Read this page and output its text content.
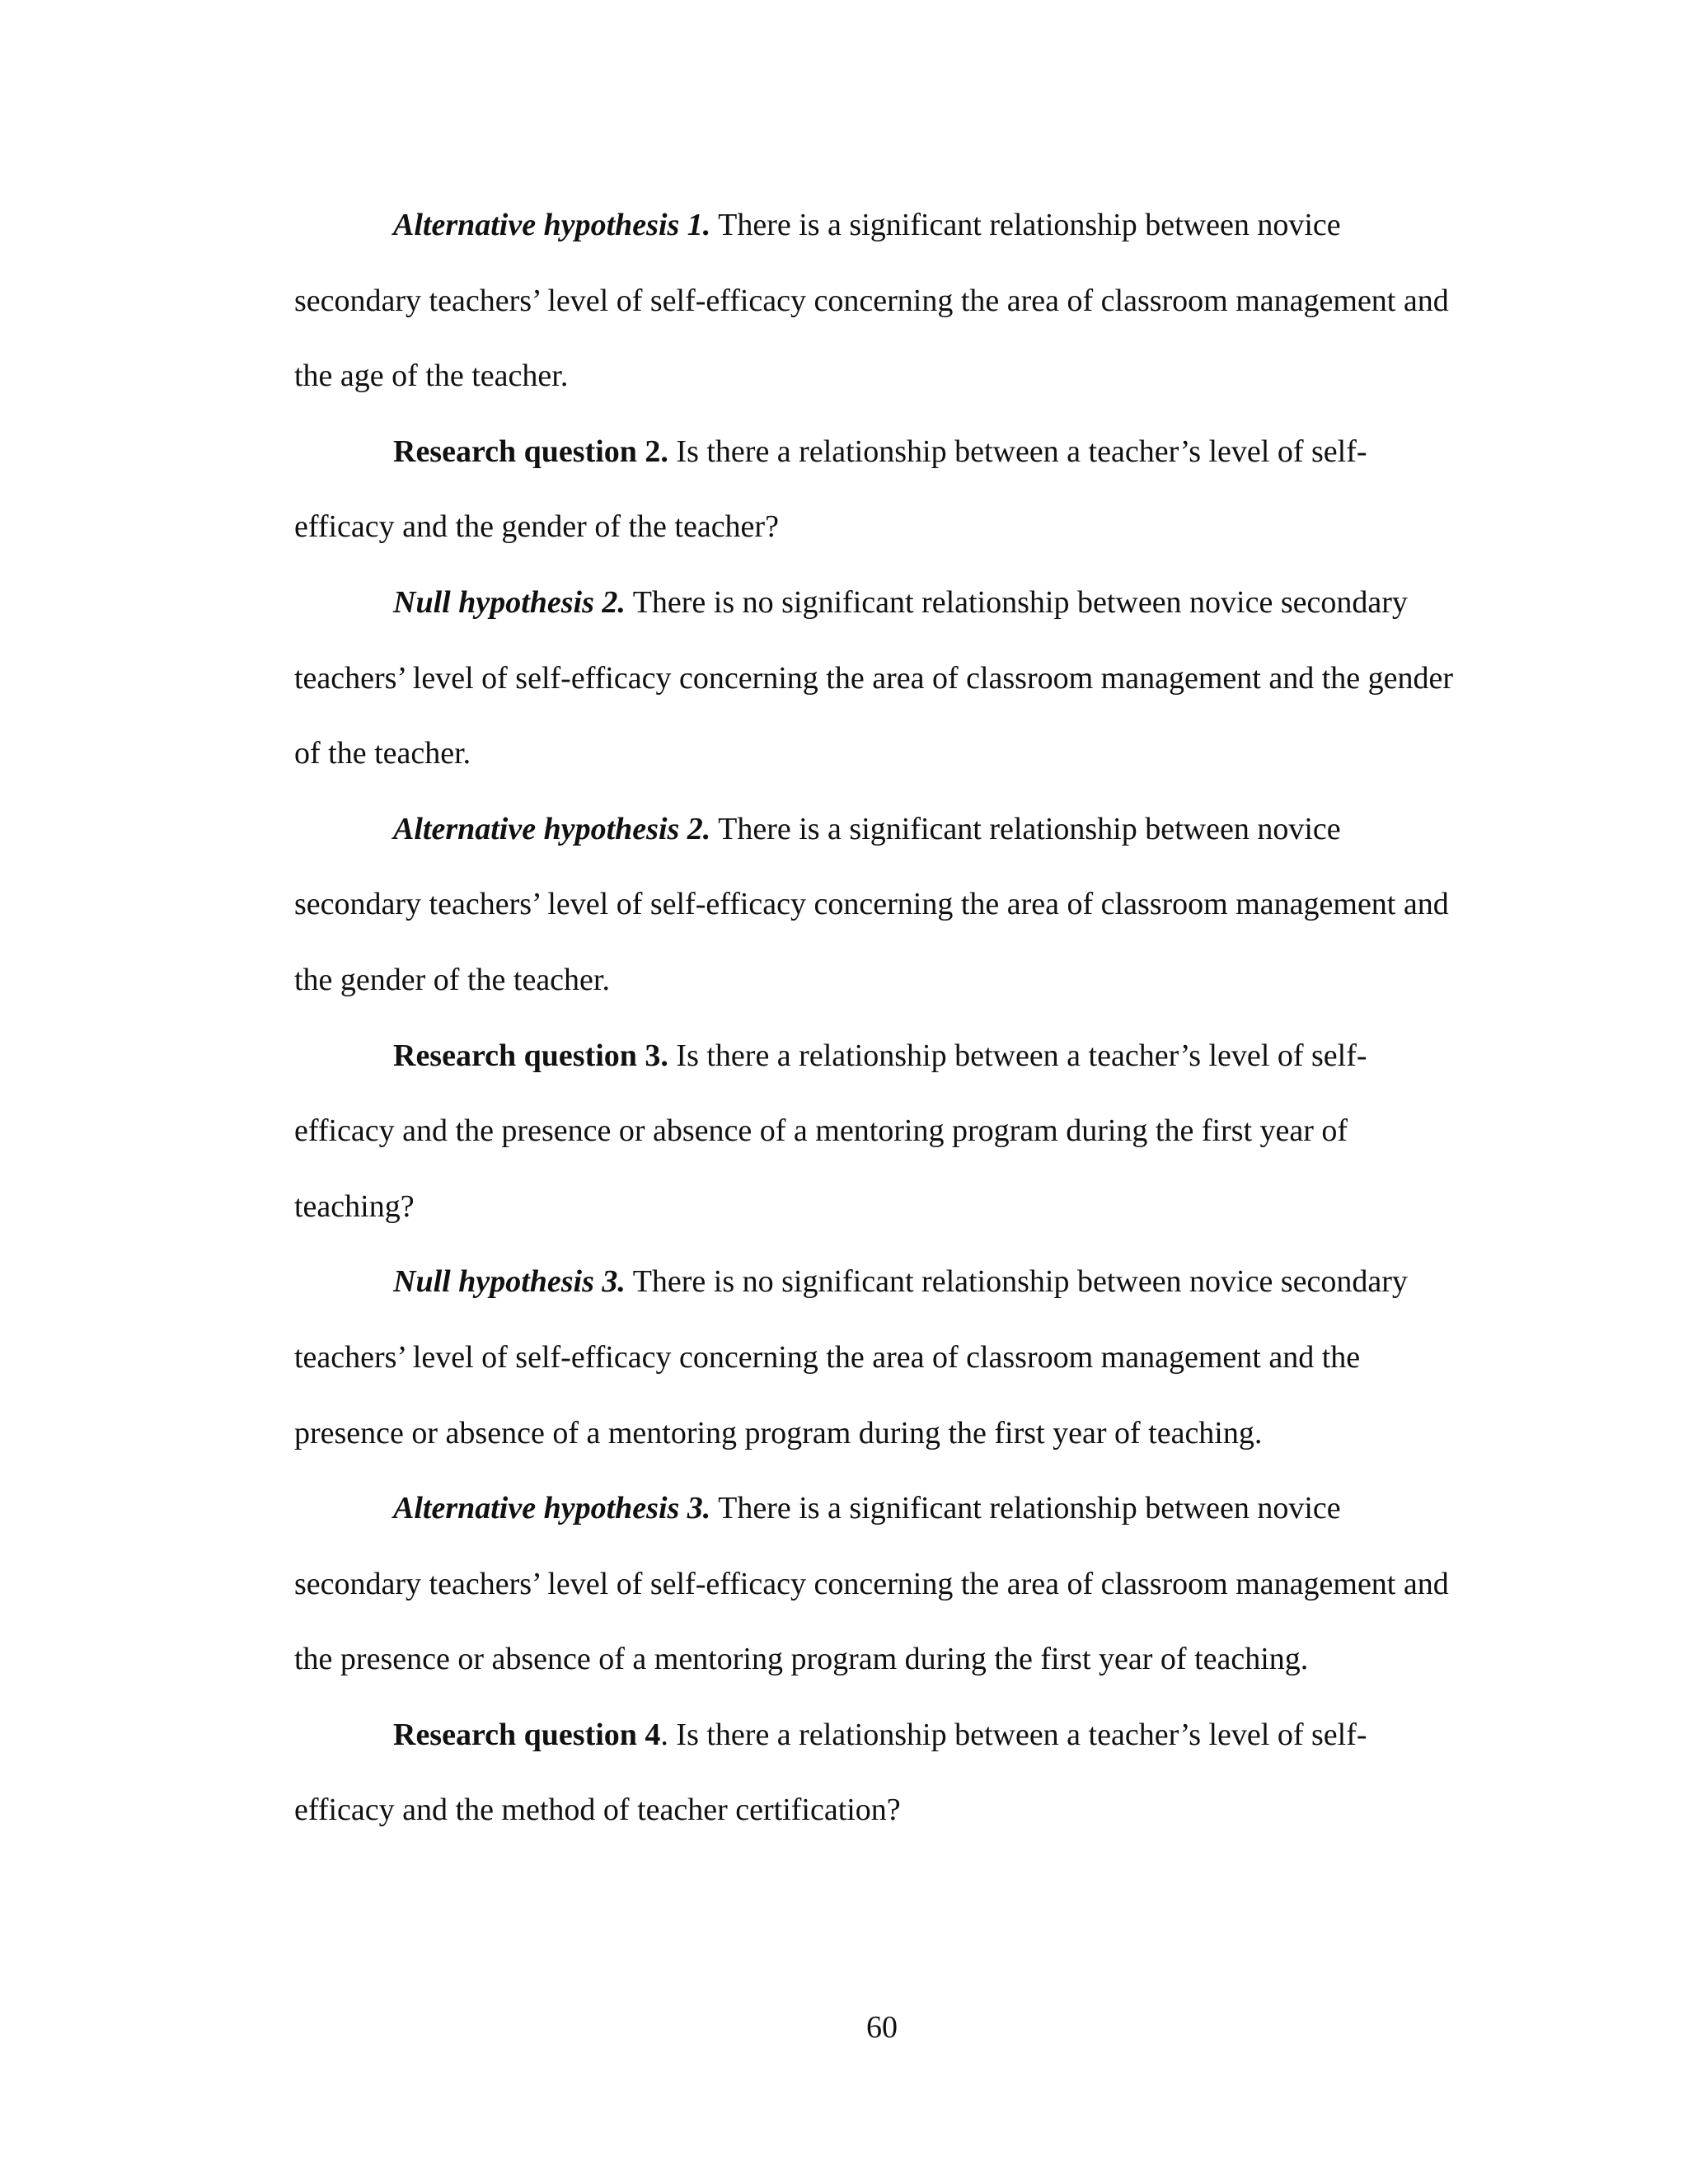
Alternative hypothesis 1. There is a significant relationship between novice secondary teachers’ level of self-efficacy concerning the area of classroom management and the age of the teacher.

Research question 2. Is there a relationship between a teacher’s level of self-efficacy and the gender of the teacher?

Null hypothesis 2. There is no significant relationship between novice secondary teachers’ level of self-efficacy concerning the area of classroom management and the gender of the teacher.

Alternative hypothesis 2. There is a significant relationship between novice secondary teachers’ level of self-efficacy concerning the area of classroom management and the gender of the teacher.

Research question 3. Is there a relationship between a teacher’s level of self-efficacy and the presence or absence of a mentoring program during the first year of teaching?

Null hypothesis 3. There is no significant relationship between novice secondary teachers’ level of self-efficacy concerning the area of classroom management and the presence or absence of a mentoring program during the first year of teaching.

Alternative hypothesis 3. There is a significant relationship between novice secondary teachers’ level of self-efficacy concerning the area of classroom management and the presence or absence of a mentoring program during the first year of teaching.

Research question 4. Is there a relationship between a teacher’s level of self-efficacy and the method of teacher certification?

60
